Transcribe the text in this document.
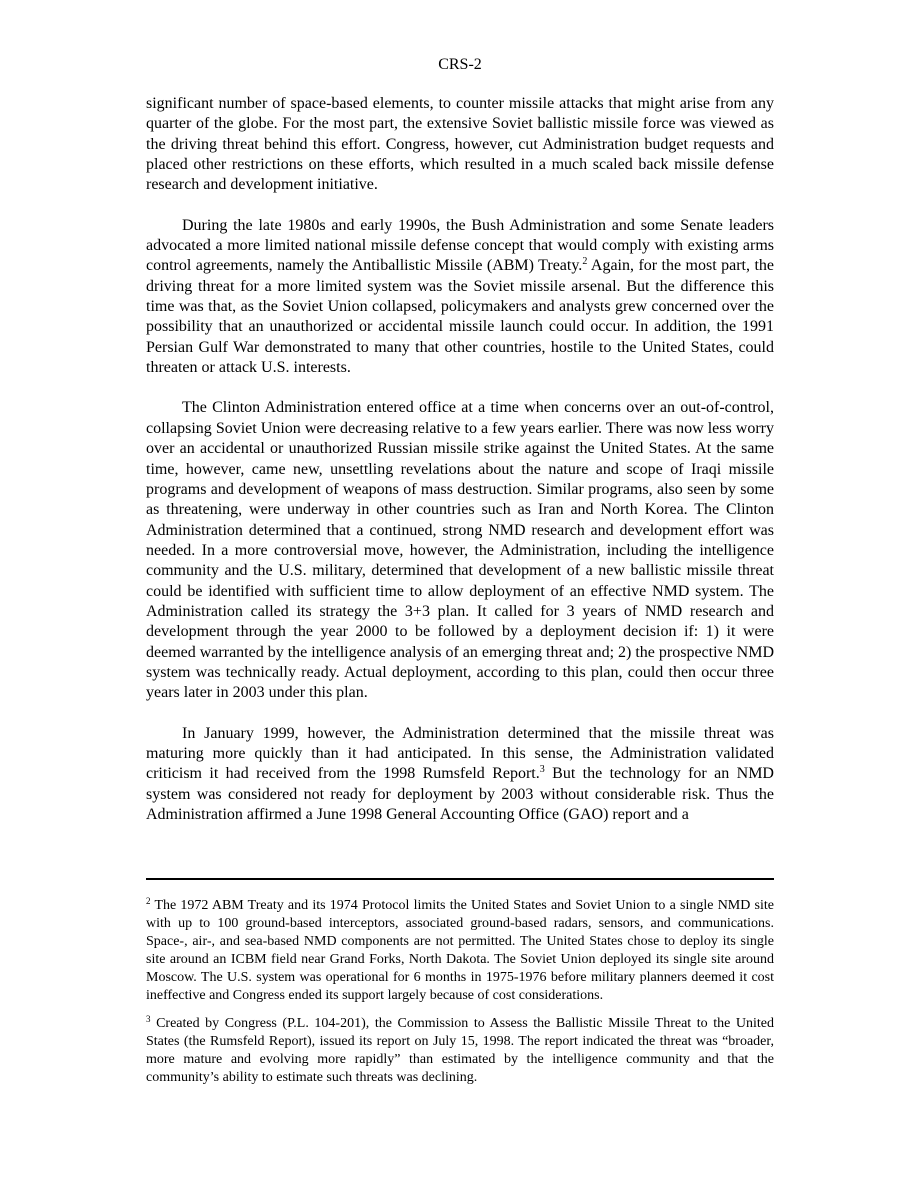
CRS-2

significant number of space-based elements, to counter missile attacks that might arise from any quarter of the globe. For the most part, the extensive Soviet ballistic missile force was viewed as the driving threat behind this effort. Congress, however, cut Administration budget requests and placed other restrictions on these efforts, which resulted in a much scaled back missile defense research and development initiative.

During the late 1980s and early 1990s, the Bush Administration and some Senate leaders advocated a more limited national missile defense concept that would comply with existing arms control agreements, namely the Antiballistic Missile (ABM) Treaty.$^2$ Again, for the most part, the driving threat for a more limited system was the Soviet missile arsenal. But the difference this time was that, as the Soviet Union collapsed, policymakers and analysts grew concerned over the possibility that an unauthorized or accidental missile launch could occur. In addition, the 1991 Persian Gulf War demonstrated to many that other countries, hostile to the United States, could threaten or attack U.S. interests.

The Clinton Administration entered office at a time when concerns over an out-of-control, collapsing Soviet Union were decreasing relative to a few years earlier. There was now less worry over an accidental or unauthorized Russian missile strike against the United States. At the same time, however, came new, unsettling revelations about the nature and scope of Iraqi missile programs and development of weapons of mass destruction. Similar programs, also seen by some as threatening, were underway in other countries such as Iran and North Korea. The Clinton Administration determined that a continued, strong NMD research and development effort was needed. In a more controversial move, however, the Administration, including the intelligence community and the U.S. military, determined that development of a new ballistic missile threat could be identified with sufficient time to allow deployment of an effective NMD system. The Administration called its strategy the 3+3 plan. It called for 3 years of NMD research and development through the year 2000 to be followed by a deployment decision if: 1) it were deemed warranted by the intelligence analysis of an emerging threat and; 2) the prospective NMD system was technically ready. Actual deployment, according to this plan, could then occur three years later in 2003 under this plan.

In January 1999, however, the Administration determined that the missile threat was maturing more quickly than it had anticipated. In this sense, the Administration validated criticism it had received from the 1998 Rumsfeld Report.$^3$ But the technology for an NMD system was considered not ready for deployment by 2003 without considerable risk. Thus the Administration affirmed a June 1998 General Accounting Office (GAO) report and a

$^2$ The 1972 ABM Treaty and its 1974 Protocol limits the United States and Soviet Union to a single NMD site with up to 100 ground-based interceptors, associated ground-based radars, sensors, and communications. Space-, air-, and sea-based NMD components are not permitted. The United States chose to deploy its single site around an ICBM field near Grand Forks, North Dakota. The Soviet Union deployed its single site around Moscow. The U.S. system was operational for 6 months in 1975-1976 before military planners deemed it cost ineffective and Congress ended its support largely because of cost considerations.

$^3$ Created by Congress (P.L. 104-201), the Commission to Assess the Ballistic Missile Threat to the United States (the Rumsfeld Report), issued its report on July 15, 1998. The report indicated the threat was “broader, more mature and evolving more rapidly” than estimated by the intelligence community and that the community’s ability to estimate such threats was declining.
